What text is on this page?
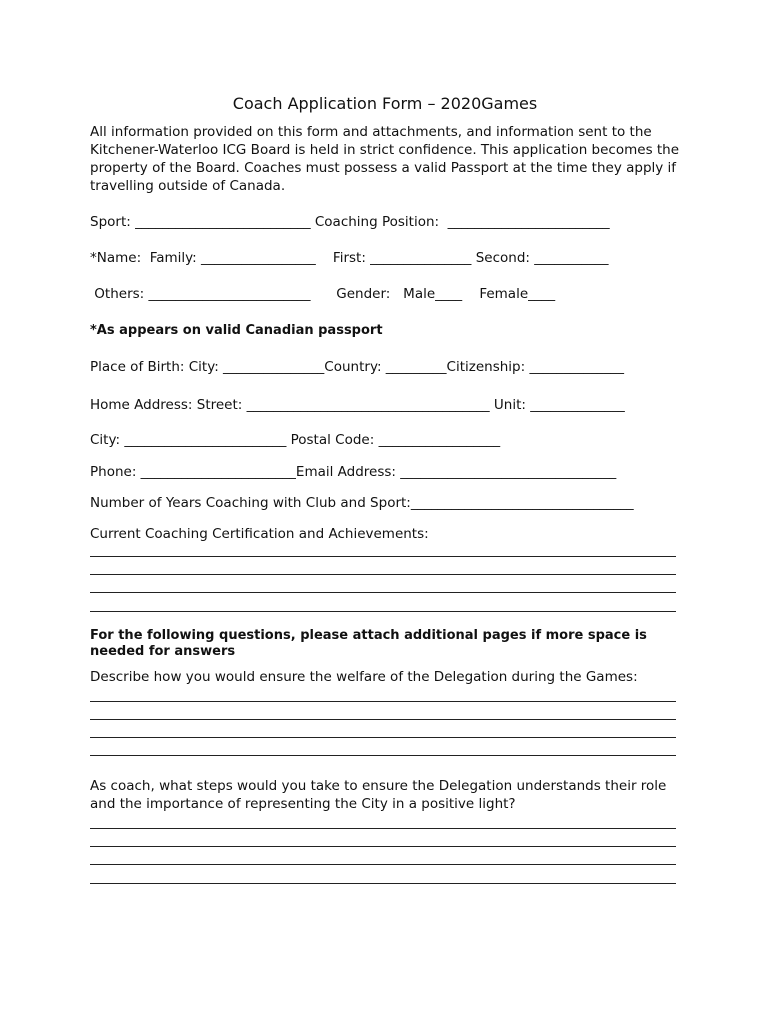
Coach Application Form – 2020Games

All information provided on this form and attachments, and information sent to the Kitchener-Waterloo ICG Board is held in strict confidence. This application becomes the property of the Board. Coaches must possess a valid Passport at the time they apply if travelling outside of Canada.

Sport: __________________________ Coaching Position:  ________________________

*Name:  Family: _________________    First: _______________ Second: ___________

Others: ________________________      Gender:   Male____    Female____

*As appears on valid Canadian passport

Place of Birth: City: _______________Country: _________Citizenship: ______________

Home Address: Street: ____________________________________ Unit: ______________

City: ________________________ Postal Code: __________________

Phone: _______________________Email Address: ________________________________

Number of Years Coaching with Club and Sport:_________________________________

Current Coaching Certification and Achievements:

For the following questions, please attach additional pages if more space is needed for answers

Describe how you would ensure the welfare of the Delegation during the Games:

As coach, what steps would you take to ensure the Delegation understands their role and the importance of representing the City in a positive light?
